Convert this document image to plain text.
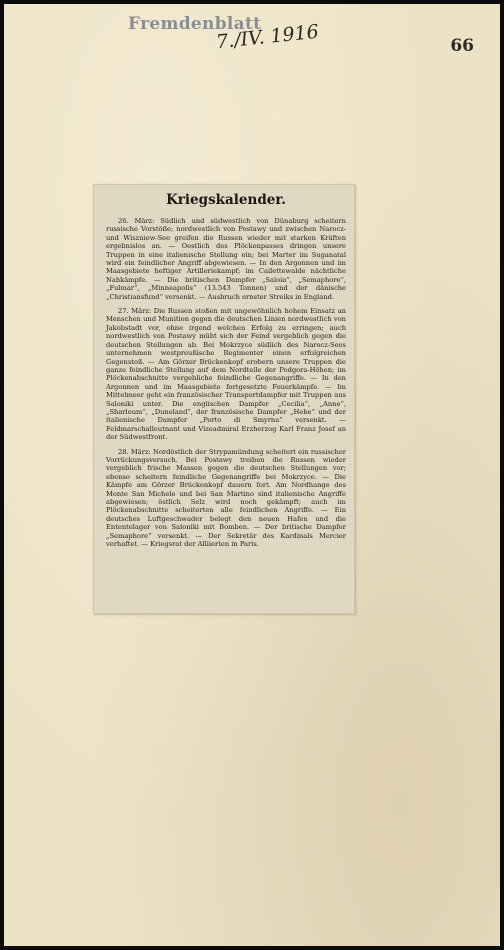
Fremdenblatt
7./IV. 1916	66
Kriegskalender.

26. März: Südlich und südwestlich von Dünaburg scheitern russische Vorstöße; nordwestlich von Postawy und zwischen Narocz- und Wiszniew-See greifen die Russen wieder mit starken Kräften ergebnislos an. — Oestlich des Plöckenpasses dringen unsere Truppen in eine italienische Stellung ein; bei Marter im Suganatal wird ein feindlicher Angriff abgewiesen. — In den Argonnen und im Maasgebiete heftiger Artilleriekampf; im Cailettewalde nächtliche Nahkämpfe. — Die britischen Dampfer „Saloia“, „Semaphore“, „Fulmar“, „Minneapolis“ (13.543 Tonnen) und der dänische „Christiansfund“ versenkt. — Ausbruch ernster Streiks in England.

27. März: Die Russen stoßen mit ungewöhnlich hohem Einsatz an Menschen und Munition gegen die deutschen Linien nordwestlich von Jakobstadt vor, ohne irgend welchen Erfolg zu erringen; auch nordwestlich von Postawy müht sich der Feind vergeblich gegen die deutschen Stellungen ab. Bei Mokrzyce südlich des Narocz-Sees unternehmen westpreußische Regimenter einen erfolgreichen Gegenstoß. — Am Görzer Brückenkopf erobern unsere Truppen die ganze feindliche Stellung auf dem Nordteile der Podgora-Höhen; im Plöckenabschnitte vergebliche feindliche Gegenangriffe. — In den Argonnen und im Maasgebiete fortgesetzte Feuerkämpfe. — Im Mittelmeer geht ein französischer Transportdampfer mit Truppen aus Saloniki unter. Die englischen Dampfer „Cecilia“, „Anne“, „Sharloum“, „Duneland“, der französische Dampfer „Hebe“ und der italienische Dampfer „Porto di Smyrna“ versenkt. — Feldmarschalleutnant und Vizeadmiral Erzherzog Karl Franz Josef an der Südwestfront.

28. März: Nordöstlich der Strypamündung scheitert ein russischer Vorrückungsversuch. Bei Postawy treiben die Russen wieder vergeblich frische Massen gegen die deutschen Stellungen vor; ebenso scheitern feindliche Gegenangriffe bei Mokrzyce. — Die Kämpfe am Görzer Brückenkopf dauern fort. Am Nordhange des Monte San Michele und bei San Martino sind italienische Angriffe abgewiesen; östlich Selz wird noch gekämpft; auch im Plöckenabschnitte scheiterten alle feindlichen Angriffe. — Ein deutsches Luftgeschwader belegt den neuen Hafen und die Ententelager von Saloniki mit Bomben. — Der britische Dampfer „Semaphore“ versenkt. — Der Sekretär des Kardinals Mercier verhaftet. — Kriegsrat der Alliierten in Paris.
